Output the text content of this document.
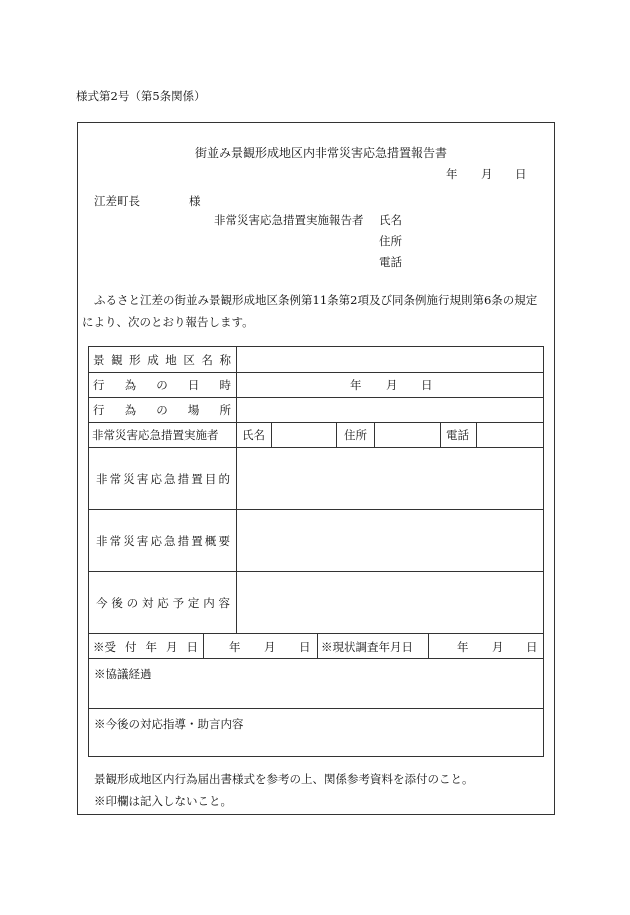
様式第2号（第5条関係）
街並み景観形成地区内非常災害応急措置報告書
年 月 日
江差町長	様
非常災害応急措置実施報告者 氏名
住所
電話
ふるさと江差の街並み景観形成地区条例第11条第2項及び同条例施行規則第6条の規定
により、次のとおり報告します。
景 観 形 成 地 区 名 称
行 為 の 日 時	年 月 日
行 為 の 場 所
非常災害応急措置実施者 氏名	住所	電話
非 常 災 害 応 急 措 置 目 的
非 常 災 害 応 急 措 置 概 要
今 後 の 対 応 予 定 内 容
※受 付 年 月 日	年 月 日 ※現状調査年月日	年 月 日
※協議経過
※今後の対応指導・助言内容
景観形成地区内行為届出書様式を参考の上、関係参考資料を添付のこと。
※印欄は記入しないこと。
